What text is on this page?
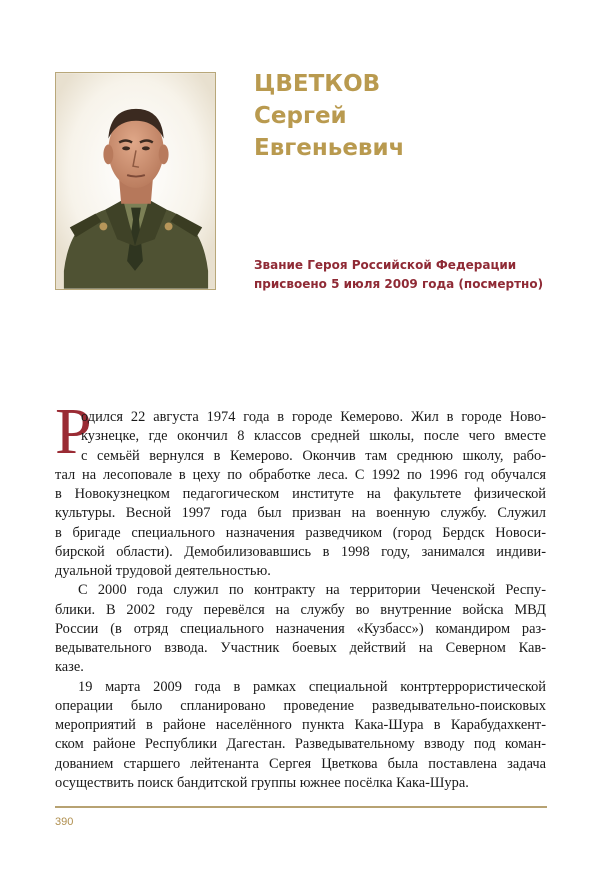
ЦВЕТКОВ
Сергей
Евгеньевич

Звание Героя Российской Федерации
присвоено 5 июля 2009 года (посмертно)

Р
одился 22 августа 1974 года в городе Кемерово. Жил в городе Ново-
кузнецке, где окончил 8 классов средней школы, после чего вместе
с семьёй вернулся в Кемерово. Окончив там среднюю школу, рабо-
тал на лесоповале в цеху по обработке леса. С 1992 по 1996 год обучался
в Новокузнецком педагогическом институте на факультете физической
культуры. Весной 1997 года был призван на военную службу. Служил
в бригаде специального назначения разведчиком (город Бердск Новоси-
бирской области). Демобилизовавшись в 1998 году, занимался индиви-
дуальной трудовой деятельностью.
С 2000 года служил по контракту на территории Чеченской Респу-
блики. В 2002 году перевёлся на службу во внутренние войска МВД
России (в отряд специального назначения «Кузбасс») командиром раз-
ведывательного взвода. Участник боевых действий на Северном Кав-
казе.
19 марта 2009 года в рамках специальной контртеррористической
операции было спланировано проведение разведывательно-поисковых
мероприятий в районе населённого пункта Кака-Шура в Карабудахкент-
ском районе Республики Дагестан. Разведывательному взводу под коман-
дованием старшего лейтенанта Сергея Цветкова была поставлена задача
осуществить поиск бандитской группы южнее посёлка Кака-Шура.
390
